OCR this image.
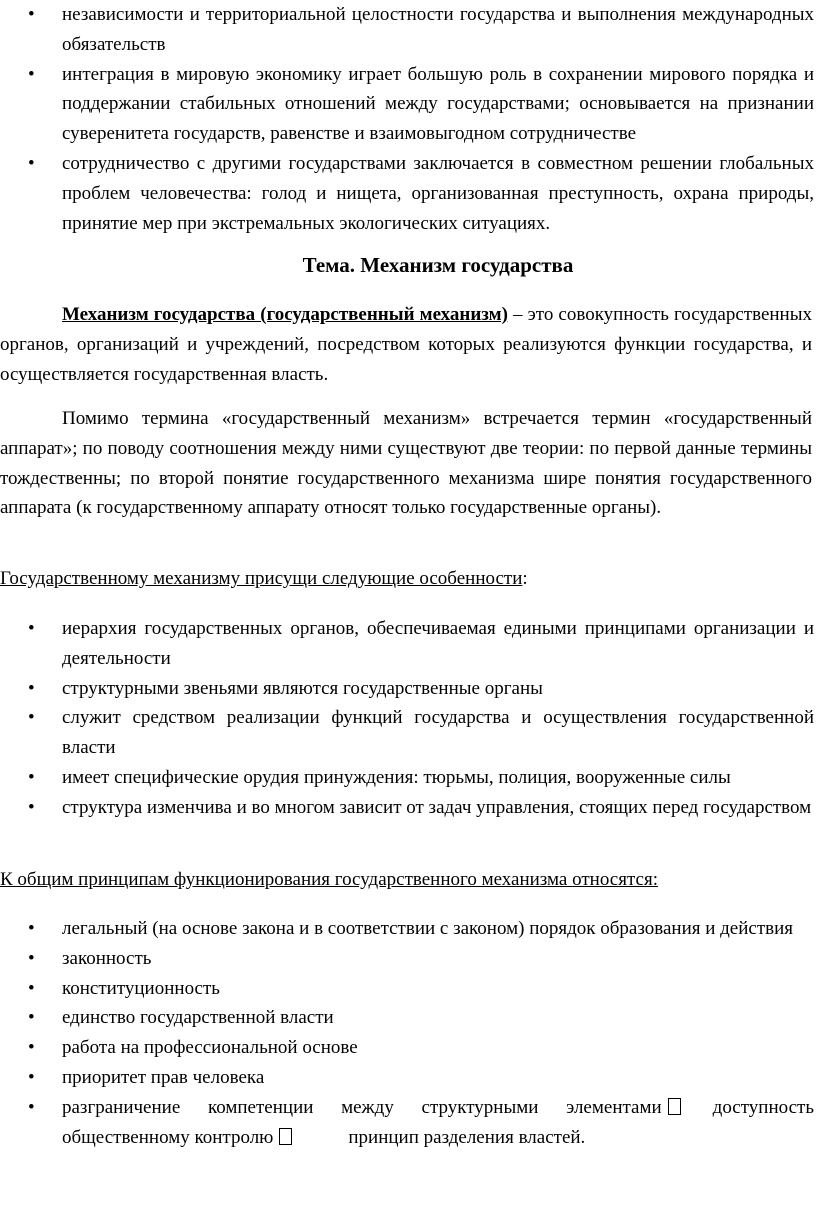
• независимости и территориальной целостности государства и выполнения международных обязательств
• интеграция в мировую экономику играет большую роль в сохранении мирового порядка и поддержании стабильных отношений между государствами; основывается на признании суверенитета государств, равенстве и взаимовыгодном сотрудничестве
• сотрудничество с другими государствами заключается в совместном решении глобальных проблем человечества: голод и нищета, организованная преступность, охрана природы, принятие мер при экстремальных экологических ситуациях.
Тема. Механизм государства

Механизм государства (государственный механизм) – это совокупность государственных органов, организаций и учреждений, посредством которых реализуются функции государства, и осуществляется государственная власть.

Помимо термина «государственный механизм» встречается термин «государственный аппарат»; по поводу соотношения между ними существуют две теории: по первой данные термины тождественны; по второй понятие государственного механизма шире понятия государственного аппарата (к государственному аппарату относят только государственные органы).

Государственному механизму присущи следующие особенности:

• иерархия государственных органов, обеспечиваемая едиными принципами организации и деятельности
• структурными звеньями являются государственные органы
• служит средством реализации функций государства и осуществления государственной власти
• имеет специфические орудия принуждения: тюрьмы, полиция, вооруженные силы
• структура изменчива и во многом зависит от задач управления, стоящих перед государством

К общим принципам функционирования государственного механизма относятся:

• легальный (на основе закона и в соответствии с законом) порядок образования и действия
• законность
• конституционность
• единство государственной власти
• работа на профессиональной основе
• приоритет прав человека
• разграничение компетенции между структурными элементами	доступность общественному контролю	принцип разделения властей.
